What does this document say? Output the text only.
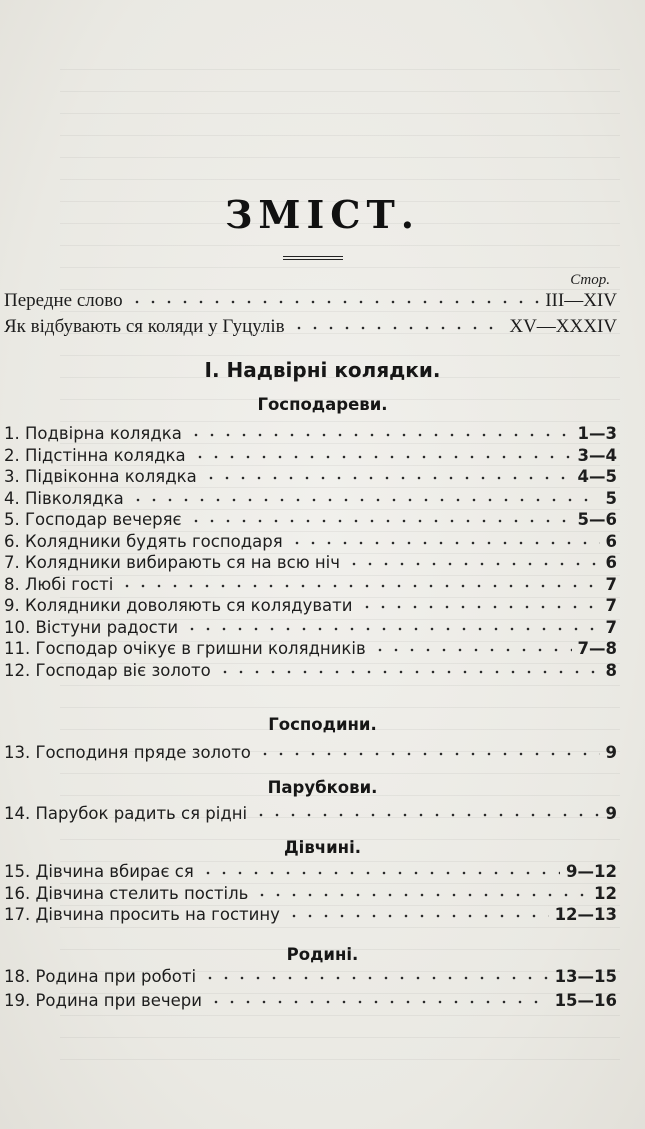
ЗМІСТ.
Стор.
Передне слово	III—XIV
Як відбувають ся коляди у Гуцулів	XV—XXXIV
I. Надвірні колядки.
Господареви.
1. Подвірна колядка	1—3
2. Підстінна колядка	3—4
3. Підвіконна колядка	4—5
4. Півколядка	5
5. Господар вечеряє	5—6
6. Колядники будять господаря	6
7. Колядники вибирають ся на всю ніч	6
8. Любі гості	7
9. Колядники доволяють ся колядувати	7
10. Вістуни радости	7
11. Господар очікує в гришни колядників	7—8
12. Господар віє золото	8
Господини.
13. Господиня пряде золото	9
Парубкови.
14. Парубок радить ся рідні	9
Дівчині.
15. Дівчина вбирає ся	9—12
16. Дівчина стелить постіль	12
17. Дівчина просить на гостину	12—13
Родині.
18. Родина при роботі	13—15
19. Родина при вечери	15—16
